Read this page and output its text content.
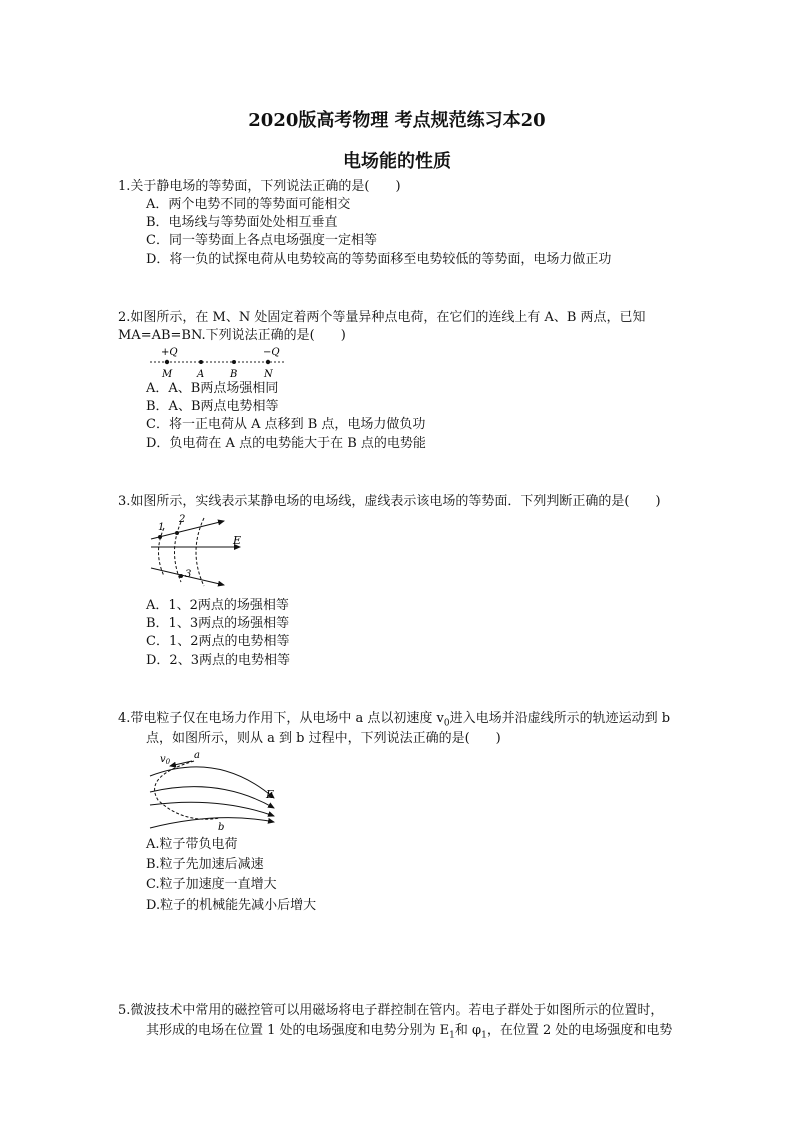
2020版高考物理 考点规范练习本20
电场能的性质
1.关于静电场的等势面，下列说法正确的是(　　)
A．两个电势不同的等势面可能相交
B．电场线与等势面处处相互垂直
C．同一等势面上各点电场强度一定相等
D．将一负的试探电荷从电势较高的等势面移至电势较低的等势面，电场力做正功
2.如图所示，在 M、N 处固定着两个等量异种点电荷，在它们的连线上有 A、B 两点，已知
MA=AB=BN.下列说法正确的是(　　)
+Q	−Q
M A	B	N
A．A、B两点场强相同
B．A、B两点电势相等
C．将一正电荷从 A 点移到 B 点，电场力做负功
D．负电荷在 A 点的电势能大于在 B 点的电势能
3.如图所示，实线表示某静电场的电场线，虚线表示该电场的等势面．下列判断正确的是(　　)
1
2
3
E
A．1、2两点的场强相等
B．1、3两点的场强相等
C．1、2两点的电势相等
D．2、3两点的电势相等
4.带电粒子仅在电场力作用下，从电场中 a 点以初速度 $v_0$进入电场并沿虚线所示的轨迹运动到 b
点，如图所示，则从 a 到 b 过程中，下列说法正确的是(　　)
$v_0$
a
b
E
A.粒子带负电荷
B.粒子先加速后减速
C.粒子加速度一直增大
D.粒子的机械能先减小后增大
5.微波技术中常用的磁控管可以用磁场将电子群控制在管内。若电子群处于如图所示的位置时，
其形成的电场在位置 1 处的电场强度和电势分别为 $E_1$和 $\varphi_1$，在位置 2 处的电场强度和电势
